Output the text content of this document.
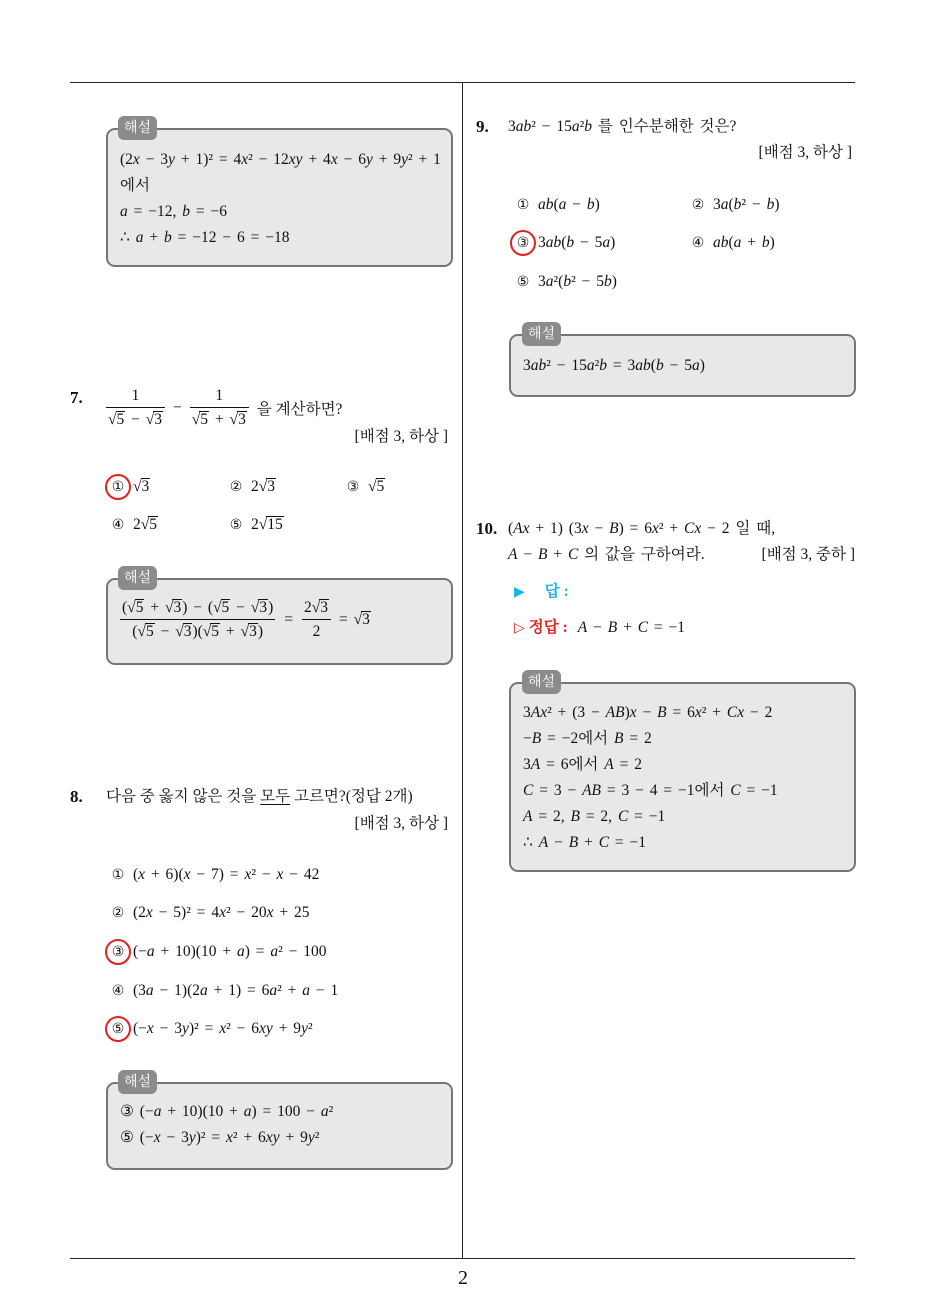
해설
(2x − 3y + 1)² = 4x² − 12xy + 4x − 6y + 9y² + 1
에서
a = −12, b = −6
∴ a + b = −12 − 6 = −18
7. $\frac{1}{√5 - √3} - \frac{1}{√5 + √3}$ 을 계산하면?
[배점 3, 하상 ]
① √3	② 2√3	③ √5
④ 2√5	⑤ 2√15
해설
$\frac{(√5 + √3) - (√5 - √3)}{(√5 - √3)(√5 + √3)} = \frac{2√3}{2} = √3$
8. 다음 중 옳지 않은 것을 모두 고르면?(정답 2개)
[배점 3, 하상 ]
① (x + 6)(x − 7) = x² − x − 42
② (2x − 5)² = 4x² − 20x + 25
③ (−a + 10)(10 + a) = a² − 100
④ (3a − 1)(2a + 1) = 6a² + a − 1
⑤ (−x − 3y)² = x² − 6xy + 9y²
해설
③ (−a + 10)(10 + a) = 100 − a²
⑤ (−x − 3y)² = x² + 6xy + 9y²
9. 3ab² − 15a²b 를 인수분해한 것은?
[배점 3, 하상 ]
① ab(a − b)	② 3a(b² − b)
③ 3ab(b − 5a)	④ ab(a + b)
⑤ 3a²(b² − 5b)
해설
3ab² − 15a²b = 3ab(b − 5a)
10. (Ax + 1) (3x − B) = 6x² + Cx − 2 일 때,
A − B + C 의 값을 구하여라.	[배점 3, 중하 ]
▶ 답 :
▷ 정답 : A − B + C = −1
해설
3Ax² + (3 − AB)x − B = 6x² + Cx − 2
−B = −2에서 B = 2
3A = 6에서 A = 2
C = 3 − AB = 3 − 4 = −1에서 C = −1
A = 2, B = 2, C = −1
∴ A − B + C = −1
2
